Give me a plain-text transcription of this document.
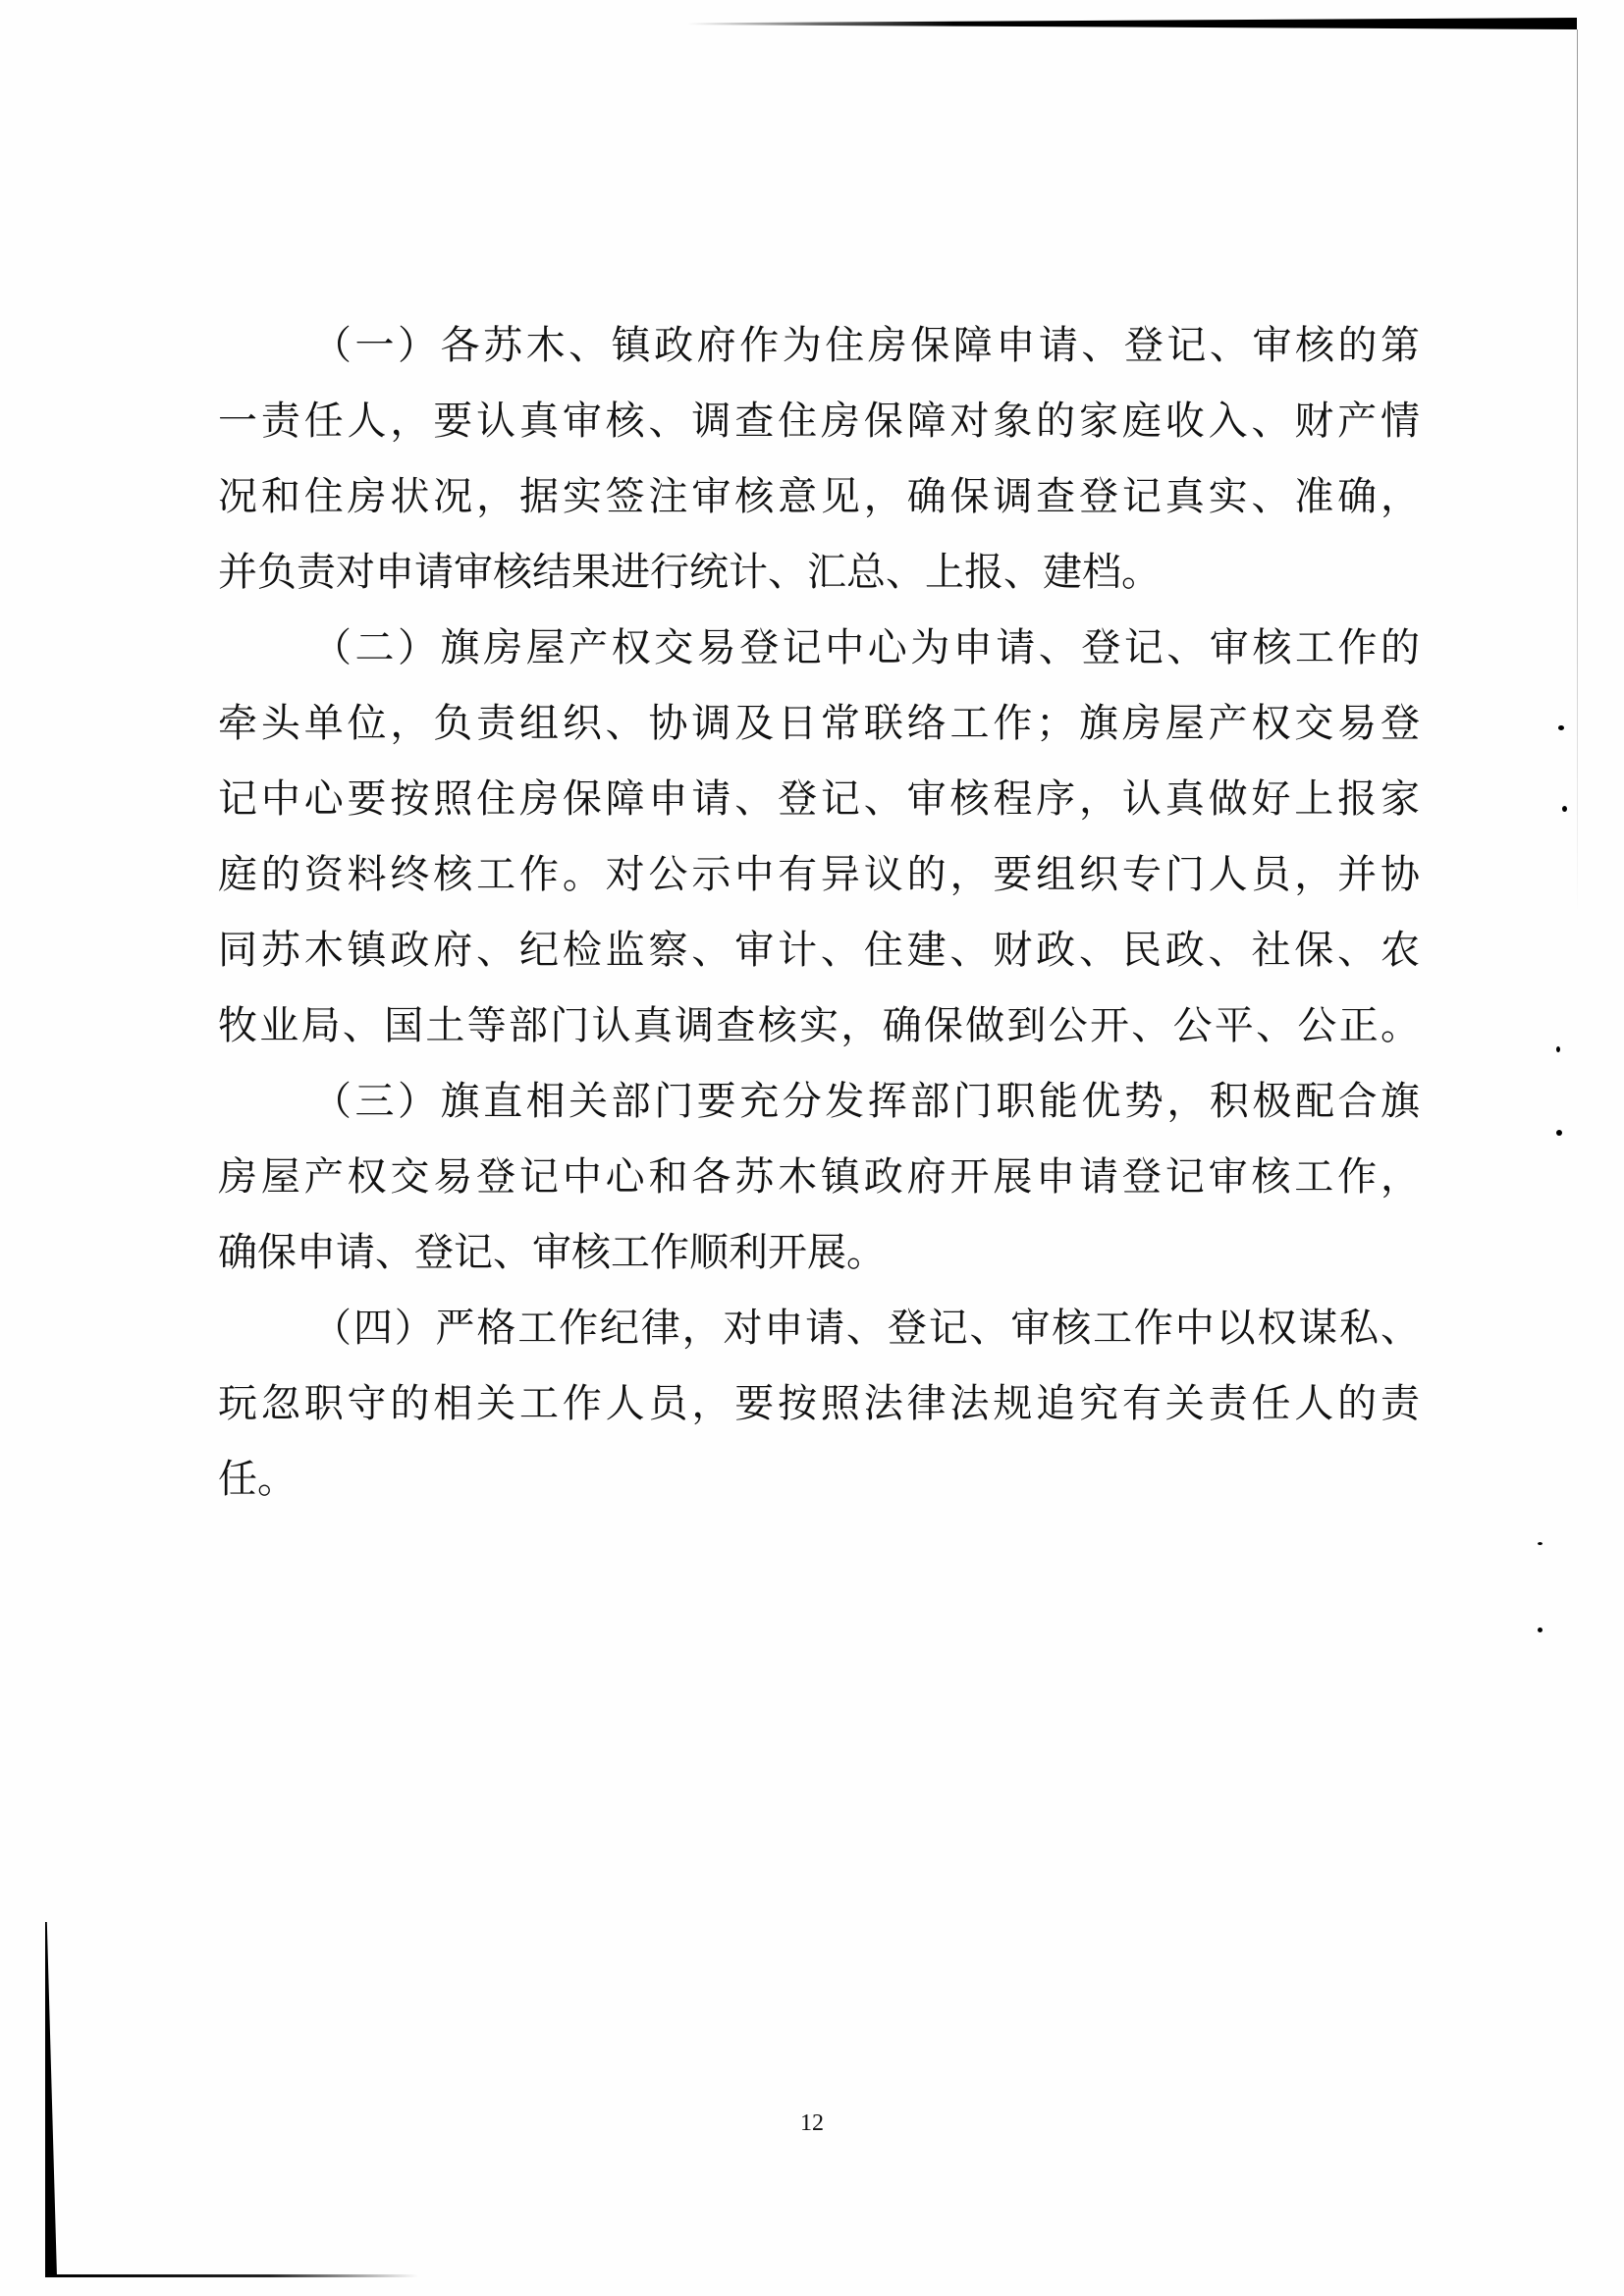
（一）各苏木、镇政府作为住房保障申请、登记、审核的第
一责任人，要认真审核、调查住房保障对象的家庭收入、财产情
况和住房状况，据实签注审核意见，确保调查登记真实、准确，
并负责对申请审核结果进行统计、汇总、上报、建档。
（二）旗房屋产权交易登记中心为申请、登记、审核工作的
牵头单位，负责组织、协调及日常联络工作；旗房屋产权交易登
记中心要按照住房保障申请、登记、审核程序，认真做好上报家
庭的资料终核工作。对公示中有异议的，要组织专门人员，并协
同苏木镇政府、纪检监察、审计、住建、财政、民政、社保、农
牧业局、国土等部门认真调查核实，确保做到公开、公平、公正。
（三）旗直相关部门要充分发挥部门职能优势，积极配合旗
房屋产权交易登记中心和各苏木镇政府开展申请登记审核工作，
确保申请、登记、审核工作顺利开展。
（四）严格工作纪律，对申请、登记、审核工作中以权谋私、
玩忽职守的相关工作人员，要按照法律法规追究有关责任人的责
任。
12
